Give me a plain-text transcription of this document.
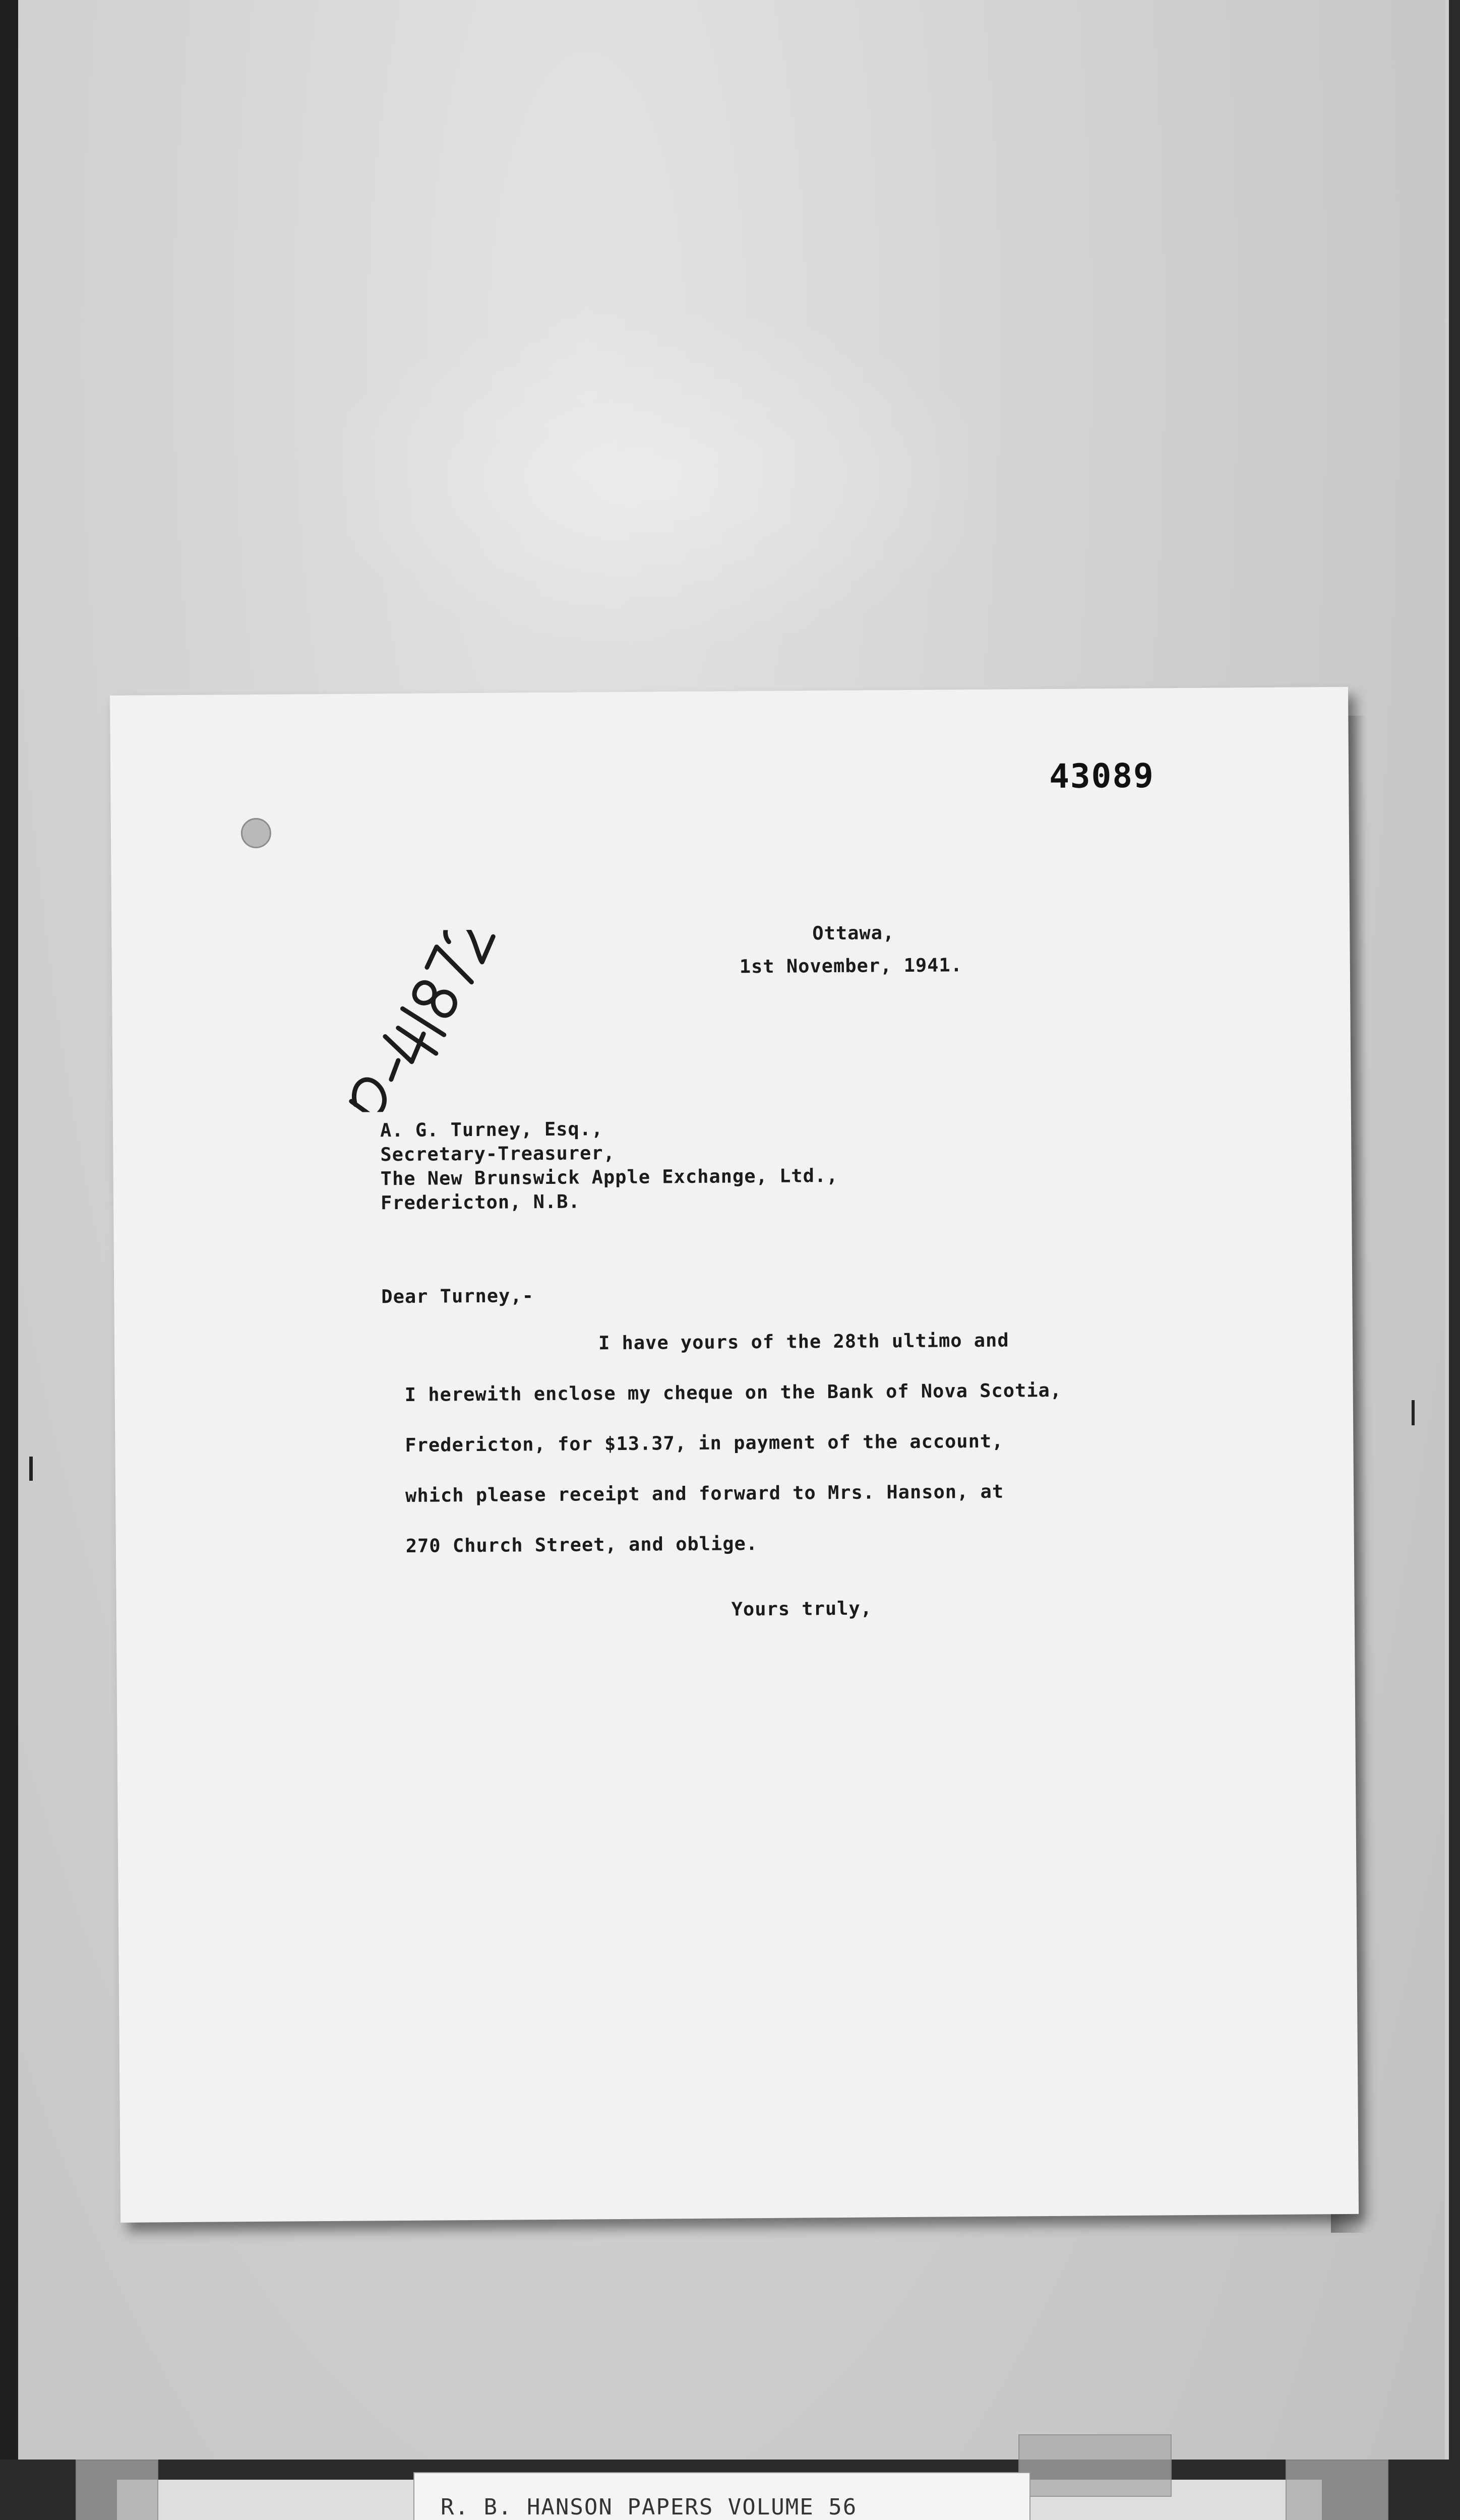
43089
Ottawa,
1st November, 1941.
A. G. Turney, Esq.,
Secretary-Treasurer,
The New Brunswick Apple Exchange, Ltd.,
Fredericton, N.B.
Dear Turney,-
I have yours of the 28th ultimo and
I herewith enclose my cheque on the Bank of Nova Scotia,
Fredericton, for $13.37, in payment of the account,
which please receipt and forward to Mrs. Hanson, at
270 Church Street, and oblige.
Yours truly,
R. B. HANSON PAPERS VOLUME 56
